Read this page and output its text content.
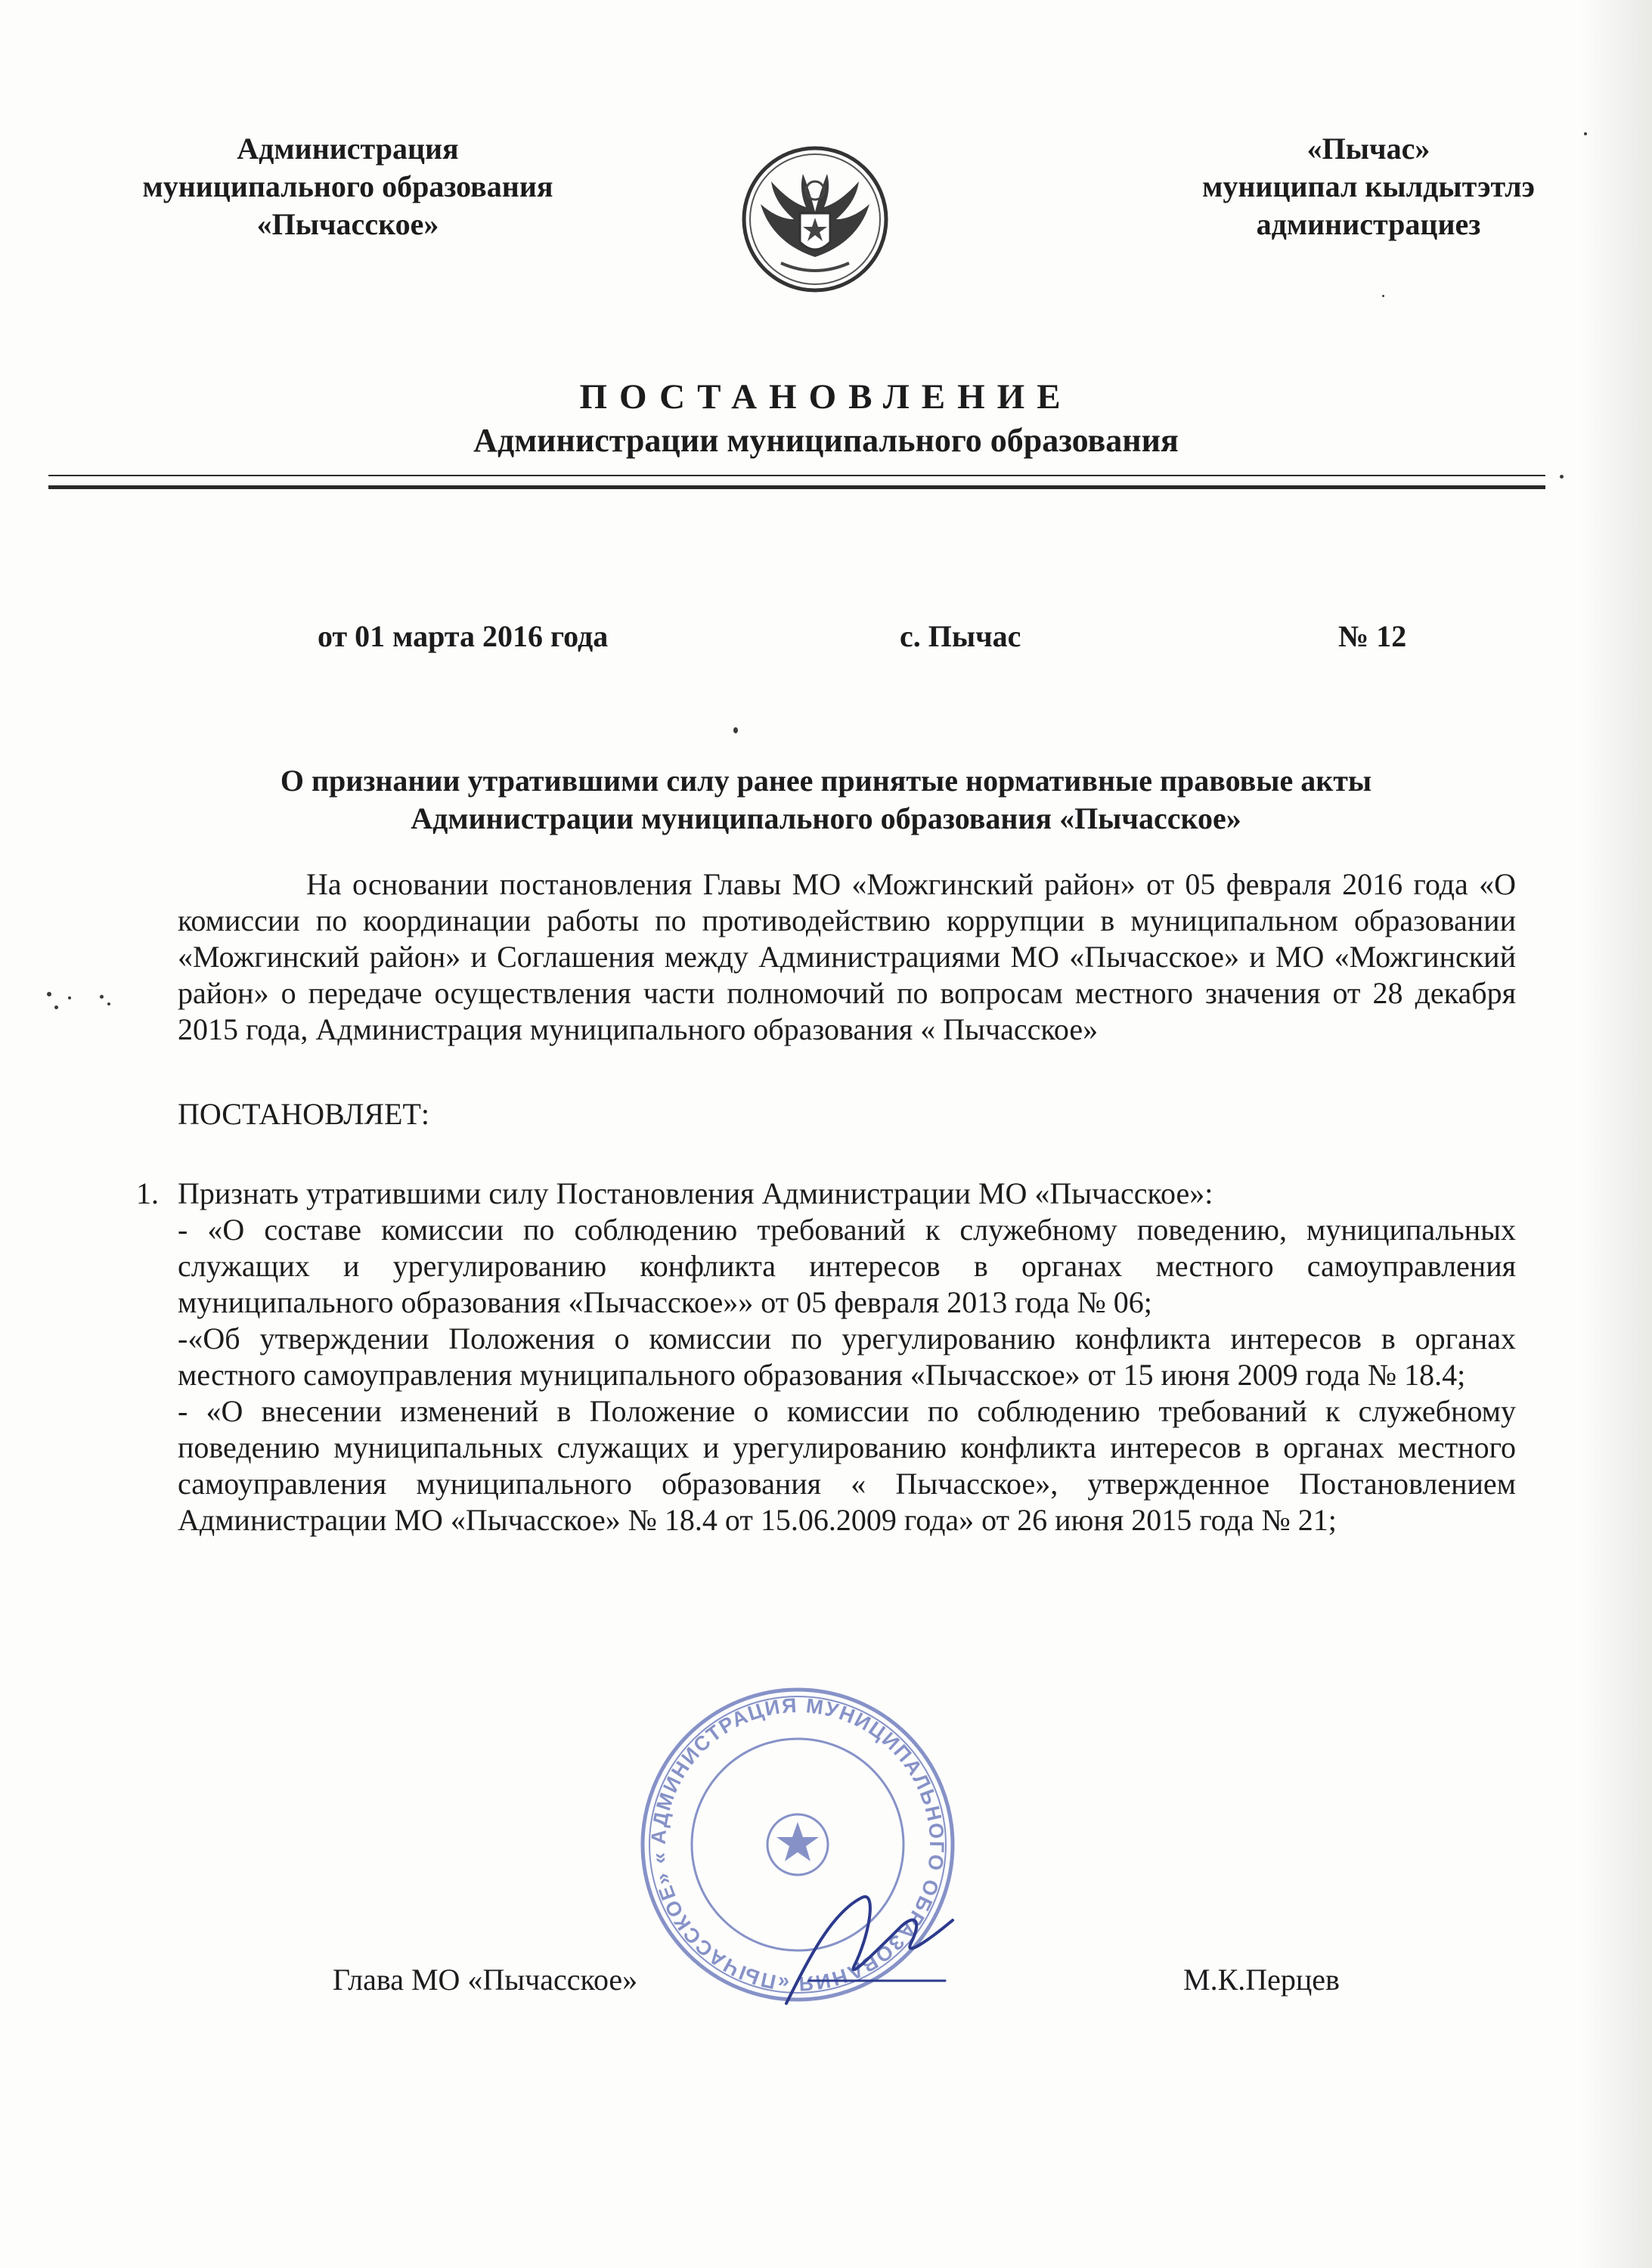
Администрация
муниципального образования
«Пычасское»
«Пычас»
муниципал кылдытэтлэ
администрациез
ПОСТАНОВЛЕНИЕ
Администрации муниципального образования
от 01 марта 2016 года	с. Пычас	№ 12
О признании утратившими силу ранее принятые нормативные правовые акты
Администрации муниципального образования «Пычасское»
На основании постановления Главы МО «Можгинский район» от 05 февраля 2016 года «О комиссии по координации работы по противодействию коррупции в муниципальном образовании «Можгинский район» и Соглашения между Администрациями МО «Пычасское» и МО «Можгинский район» о передаче осуществления части полномочий по вопросам местного значения от 28 декабря 2015 года, Администрация муниципального образования « Пычасское»
ПОСТАНОВЛЯЕТ:
1. Признать утратившими силу Постановления Администрации МО «Пычасское»:
- «О составе комиссии по соблюдению требований к служебному поведению, муниципальных служащих и урегулированию конфликта интересов в органах местного самоуправления муниципального образования «Пычасское»» от 05 февраля 2013 года № 06;
-«Об утверждении Положения о комиссии по урегулированию конфликта интересов в органах местного самоуправления муниципального образования «Пычасское» от 15 июня 2009 года № 18.4;
- «О внесении изменений в Положение о комиссии по соблюдению требований к служебному поведению муниципальных служащих и урегулированию конфликта интересов в органах местного самоуправления муниципального образования « Пычасское», утвержденное Постановлением Администрации МО «Пычасское» № 18.4 от 15.06.2009 года» от 26 июня 2015 года № 21;
АДМИНИСТРАЦИЯ МУНИЦИПАЛЬНОГО ОБРАЗОВАНИЯ «ПЫЧАССКОЕ» «
Глава МО «Пычасское»	М.К.Перцев
